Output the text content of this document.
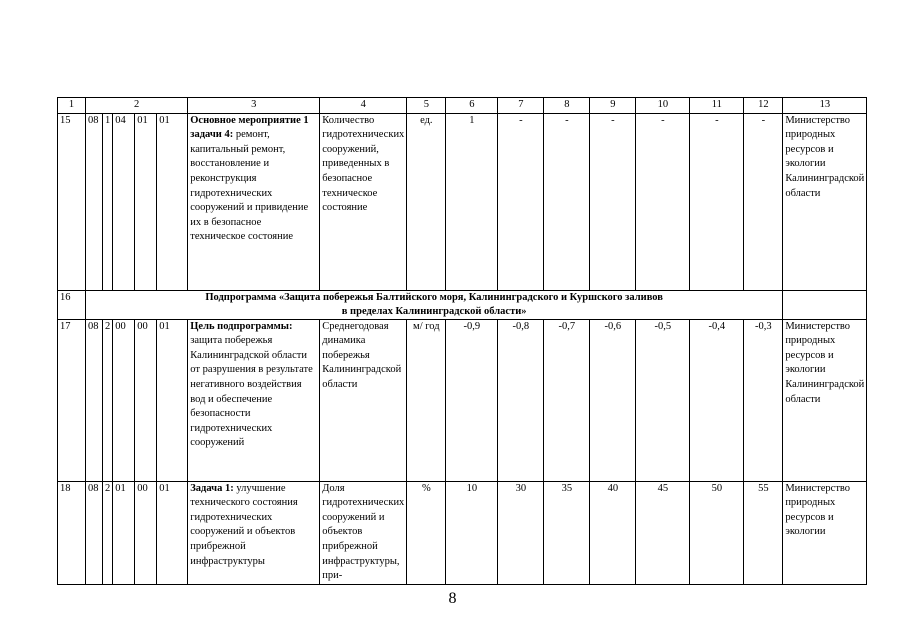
1	2					3	4	5	6	7	8	9	10	11	12	13
15	08	1	04	01	01	Основное мероприятие 1 задачи 4: ремонт, капитальный ремонт, восстановление и реконструкция гидротехнических сооружений и привидение их в безопасное техническое состояние	Количество гидротехнических сооружений, приведенных в безопасное техническое состояние	ед.	1	-	-	-	-	-	-	Министерство природных ресурсов и экологии Калининградской области
16	Подпрограмма «Защита побережья Балтийского моря, Калининградского и Куршского заливов
в пределах Калининградской области»															

17	08	2	00	00	01	Цель подпрограммы: защита побережья Калининградской области от разрушения в результате негативного воздействия вод и обеспечение безопасности гидротехнических сооружений	Среднегодовая динамика побережья Калининградской области	м/ год	-0,9	-0,8	-0,7	-0,6	-0,5	-0,4	-0,3	Министерство природных ресурсов и экологии Калининградской области
18	08	2	01	00	01	Задача 1: улучшение технического состояния гидротехнических сооружений и объектов прибрежной инфраструктуры	Доля гидротехнических сооружений и объектов прибрежной инфраструктуры, при-	%	10	30	35	40	45	50	55	Министерство природных ресурсов и экологии
8
